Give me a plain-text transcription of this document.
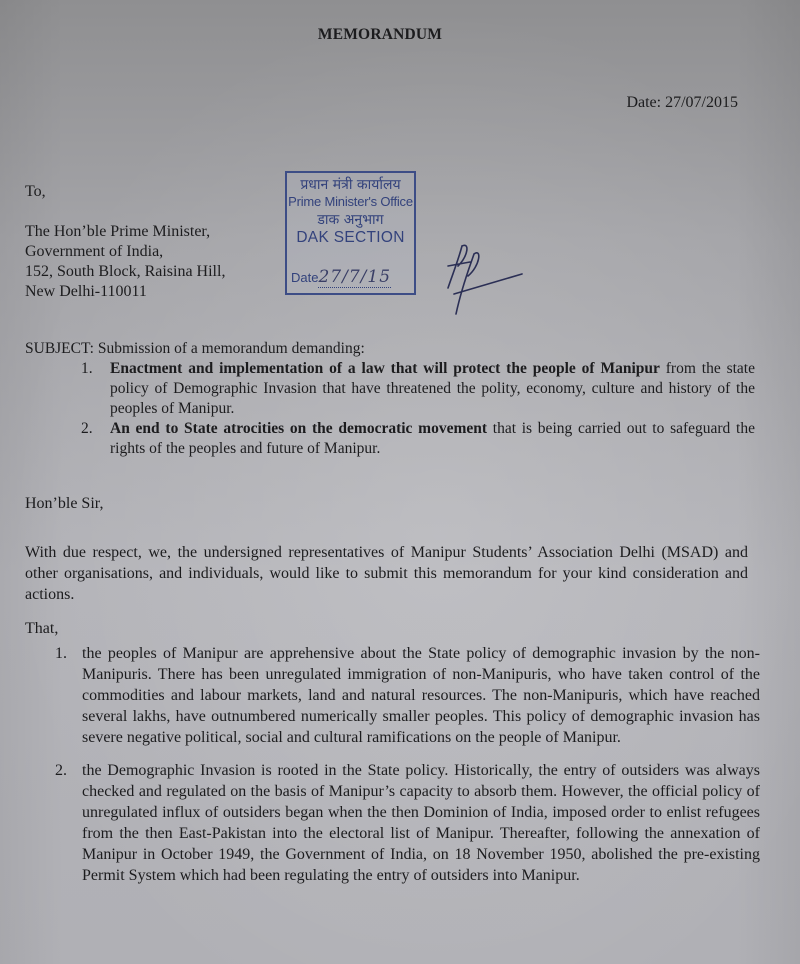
MEMORANDUM
Date: 27/07/2015
To,
The Hon’ble Prime Minister,
Government of India,
152, South Block, Raisina Hill,
New Delhi-110011
प्रधान मंत्री कार्यालय
Prime Minister's Office
डाक अनुभाग
DAK SECTION
Date27/7/15
SUBJECT: Submission of a memorandum demanding:
1. Enactment and implementation of a law that will protect the people of Manipur from the state policy of Demographic Invasion that have threatened the polity, economy, culture and history of the peoples of Manipur.
2. An end to State atrocities on the democratic movement that is being carried out to safeguard the rights of the peoples and future of Manipur.
Hon’ble Sir,
With due respect, we, the undersigned representatives of Manipur Students’ Association Delhi (MSAD) and other organisations, and individuals, would like to submit this memorandum for your kind consideration and actions.
That,
1. the peoples of Manipur are apprehensive about the State policy of demographic invasion by the non-Manipuris. There has been unregulated immigration of non-Manipuris, who have taken control of the commodities and labour markets, land and natural resources. The non-Manipuris, which have reached several lakhs, have outnumbered numerically smaller peoples. This policy of demographic invasion has severe negative political, social and cultural ramifications on the people of Manipur.
2. the Demographic Invasion is rooted in the State policy. Historically, the entry of outsiders was always checked and regulated on the basis of Manipur’s capacity to absorb them. However, the official policy of unregulated influx of outsiders began when the then Dominion of India, imposed order to enlist refugees from the then East-Pakistan into the electoral list of Manipur. Thereafter, following the annexation of Manipur in October 1949, the Government of India, on 18 November 1950, abolished the pre-existing Permit System which had been regulating the entry of outsiders into Manipur.
